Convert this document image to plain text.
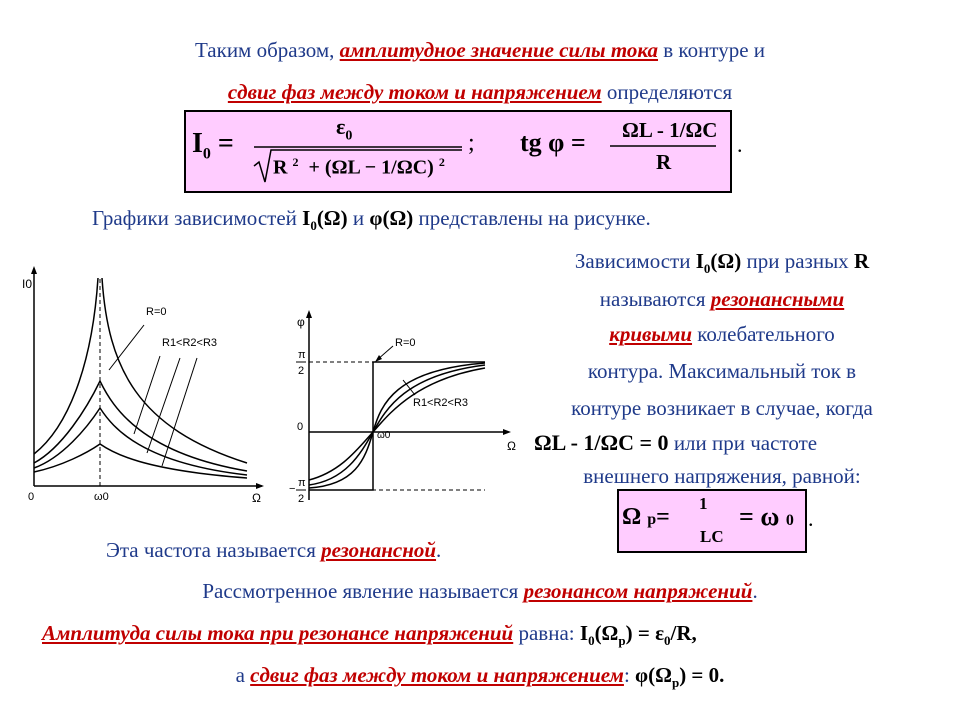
Таким образом, амплитудное значение силы тока в контуре и
сдвиг фаз между током и напряжением определяются
$I_0$ =
$\varepsilon_0$
R $^2$  + (ΩL − 1/ΩC) $^2$
; tg φ = ΩL - 1/ΩC
R
.
Графики зависимостей $I_0(\Omega)$ и φ(Ω) представлены на рисунке.
Зависимости $I_0(\Omega)$ при разных R
называются резонансными
кривыми колебательного
контура. Максимальный ток в
контуре возникает в случае, когда
ΩL - 1/ΩC = 0 или при частоте
внешнего напряжения, равной:
Ω р=
1
LC
= ω 0 .
Эта частота называется резонансной.
Рассмотренное явление называется резонансом напряжений.
Амплитуда силы тока при резонансе напряжений равна: $I_0(\Omega_р) = \varepsilon_0/R$,
а сдвиг фаз между током и напряжением: $\varphi(\Omega_р) = 0$.
R=0
R1<R2<R3
I0
Ω
0	ω0
R=0
R1<R2<R3
φ
Ω
0
π
2
− π
2
ω0
